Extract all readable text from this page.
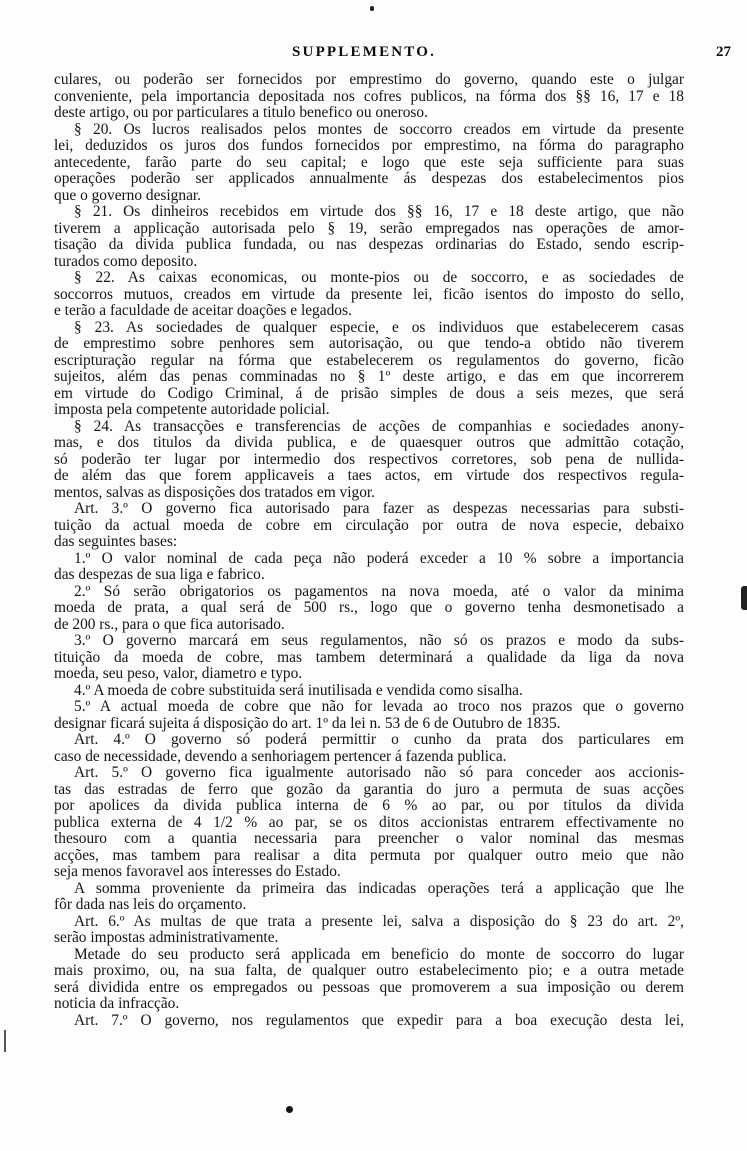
SUPPLEMENTO.	27
culares, ou poderão ser fornecidos por emprestimo do governo, quando este o julgar
conveniente, pela importancia depositada nos cofres publicos, na fórma dos §§ 16, 17 e 18
deste artigo, ou por particulares a titulo benefico ou oneroso.
§ 20. Os lucros realisados pelos montes de soccorro creados em virtude da presente
lei, deduzidos os juros dos fundos fornecidos por emprestimo, na fórma do paragrapho
antecedente, farão parte do seu capital; e logo que este seja sufficiente para suas
operações poderão ser applicados annualmente ás despezas dos estabelecimentos pios
que o governo designar.
§ 21. Os dinheiros recebidos em virtude dos §§ 16, 17 e 18 deste artigo, que não
tiverem a applicação autorisada pelo § 19, serão empregados nas operações de amor-
tisação da divida publica fundada, ou nas despezas ordinarias do Estado, sendo escrip-
turados como deposito.
§ 22. As caixas economicas, ou monte-pios ou de soccorro, e as sociedades de
soccorros mutuos, creados em virtude da presente lei, ficão isentos do imposto do sello,
e terão a faculdade de aceitar doações e legados.
§ 23. As sociedades de qualquer especie, e os individuos que estabelecerem casas
de emprestimo sobre penhores sem autorisação, ou que tendo-a obtido não tiverem
escripturação regular na fórma que estabelecerem os regulamentos do governo, ficão
sujeitos, além das penas comminadas no § 1º deste artigo, e das em que incorrerem
em virtude do Codigo Criminal, á de prisão simples de dous a seis mezes, que será
imposta pela competente autoridade policial.
§ 24. As transacções e transferencias de acções de companhias e sociedades anony-
mas, e dos titulos da divida publica, e de quaesquer outros que admittão cotação,
só poderão ter lugar por intermedio dos respectivos corretores, sob pena de nullida-
de além das que forem applicaveis a taes actos, em virtude dos respectivos regula-
mentos, salvas as disposições dos tratados em vigor.
Art. 3.º O governo fica autorisado para fazer as despezas necessarias para substi-
tuição da actual moeda de cobre em circulação por outra de nova especie, debaixo
das seguintes bases:
1.º O valor nominal de cada peça não poderá exceder a 10 % sobre a importancia
das despezas de sua liga e fabrico.
2.º Só serão obrigatorios os pagamentos na nova moeda, até o valor da minima
moeda de prata, a qual será de 500 rs., logo que o governo tenha desmonetisado a
de 200 rs., para o que fica autorisado.
3.º O governo marcará em seus regulamentos, não só os prazos e modo da subs-
tituição da moeda de cobre, mas tambem determinará a qualidade da liga da nova
moeda, seu peso, valor, diametro e typo.
4.º A moeda de cobre substituida será inutilisada e vendida como sisalha.
5.º A actual moeda de cobre que não for levada ao troco nos prazos que o governo
designar ficará sujeita á disposição do art. 1º da lei n. 53 de 6 de Outubro de 1835.
Art. 4.º O governo só poderá permittir o cunho da prata dos particulares em
caso de necessidade, devendo a senhoriagem pertencer á fazenda publica.
Art. 5.º O governo fica igualmente autorisado não só para conceder aos accionis-
tas das estradas de ferro que gozão da garantia do juro a permuta de suas acções
por apolices da divida publica interna de 6 % ao par, ou por titulos da divida
publica externa de 4 1/2 % ao par, se os ditos accionistas entrarem effectivamente no
thesouro com a quantia necessaria para preencher o valor nominal das mesmas
acções, mas tambem para realisar a dita permuta por qualquer outro meio que não
seja menos favoravel aos interesses do Estado.
A somma proveniente da primeira das indicadas operações terá a applicação que lhe
fôr dada nas leis do orçamento.
Art. 6.º As multas de que trata a presente lei, salva a disposição do § 23 do art. 2º,
serão impostas administrativamente.
Metade do seu producto será applicada em beneficio do monte de soccorro do lugar
mais proximo, ou, na sua falta, de qualquer outro estabelecimento pio; e a outra metade
será dividida entre os empregados ou pessoas que promoverem a sua imposição ou derem
noticia da infracção.
Art. 7.º O governo, nos regulamentos que expedir para a boa execução desta lei,
